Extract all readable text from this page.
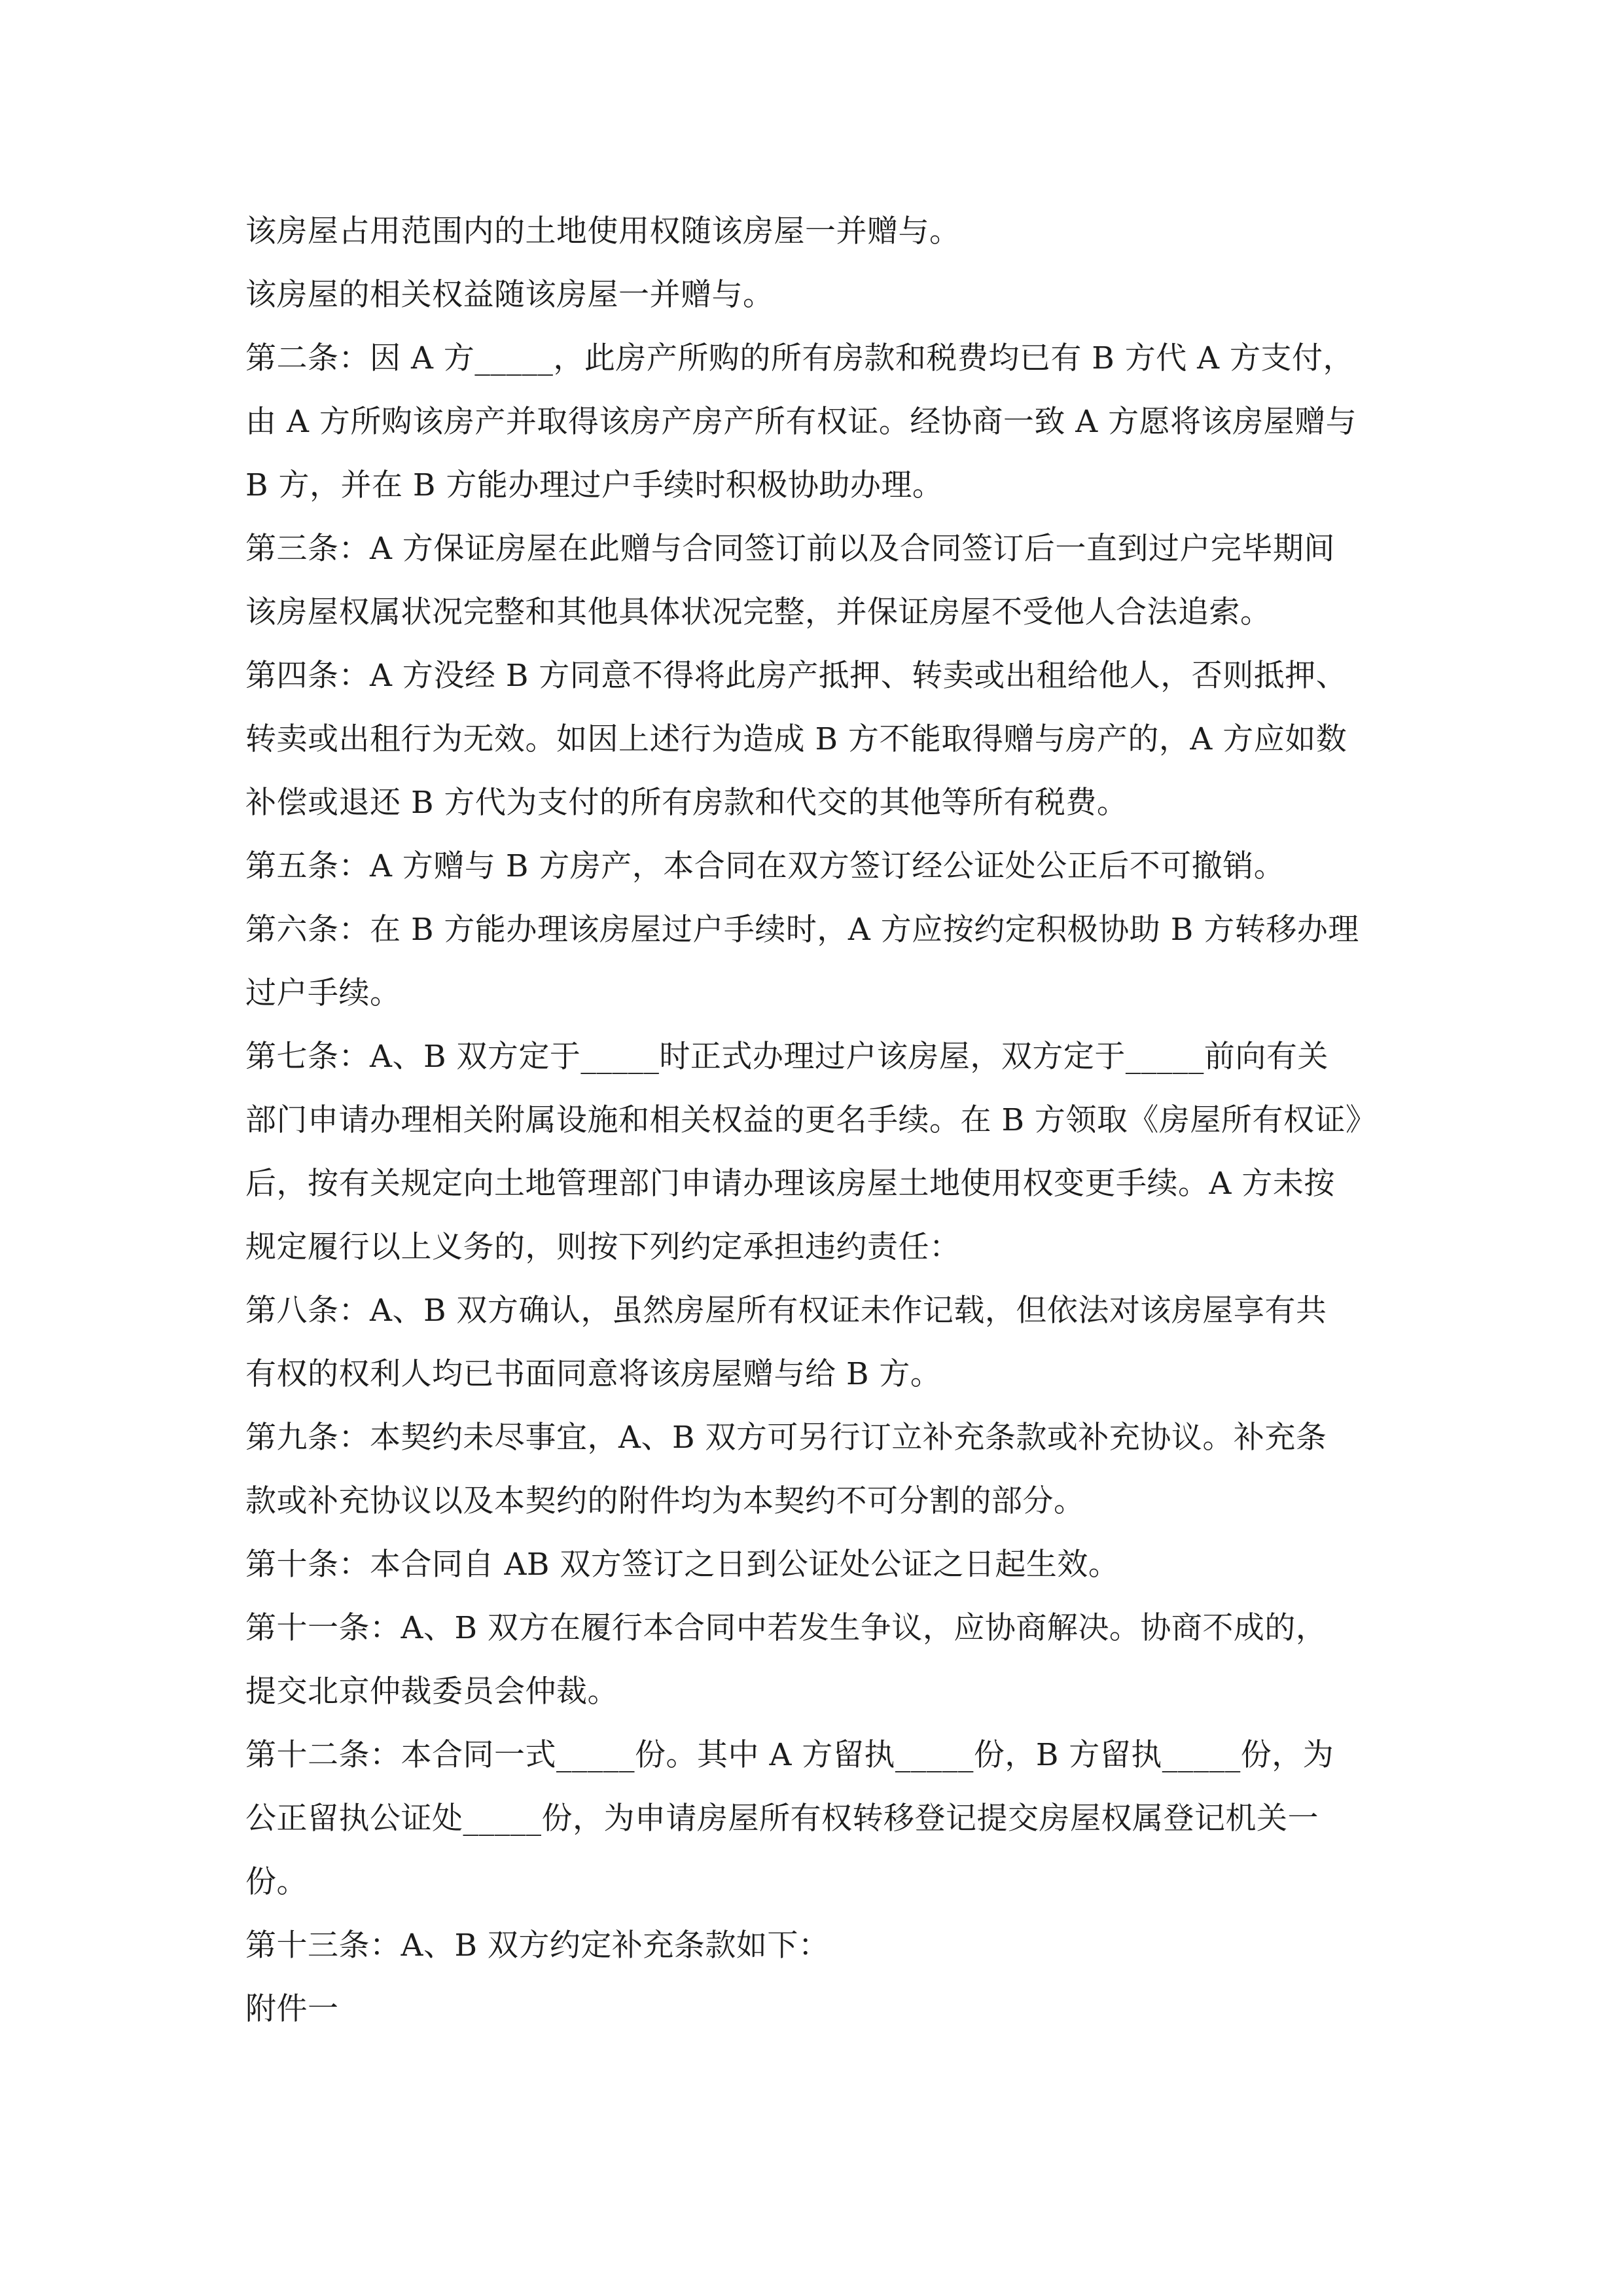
该房屋占用范围内的土地使用权随该房屋一并赠与。
该房屋的相关权益随该房屋一并赠与。
第二条：因 A 方_____，此房产所购的所有房款和税费均已有 B 方代 A 方支付，
由 A 方所购该房产并取得该房产房产所有权证。经协商一致 A 方愿将该房屋赠与
B 方，并在 B 方能办理过户手续时积极协助办理。
第三条：A 方保证房屋在此赠与合同签订前以及合同签订后一直到过户完毕期间
该房屋权属状况完整和其他具体状况完整，并保证房屋不受他人合法追索。
第四条：A 方没经 B 方同意不得将此房产抵押、转卖或出租给他人，否则抵押、
转卖或出租行为无效。如因上述行为造成 B 方不能取得赠与房产的，A 方应如数
补偿或退还 B 方代为支付的所有房款和代交的其他等所有税费。
第五条：A 方赠与 B 方房产，本合同在双方签订经公证处公正后不可撤销。
第六条：在 B 方能办理该房屋过户手续时，A 方应按约定积极协助 B 方转移办理
过户手续。
第七条：A、B 双方定于_____时正式办理过户该房屋，双方定于_____前向有关
部门申请办理相关附属设施和相关权益的更名手续。在 B 方领取《房屋所有权证》
后，按有关规定向土地管理部门申请办理该房屋土地使用权变更手续。A 方未按
规定履行以上义务的，则按下列约定承担违约责任：
第八条：A、B 双方确认，虽然房屋所有权证未作记载，但依法对该房屋享有共
有权的权利人均已书面同意将该房屋赠与给 B 方。
第九条：本契约未尽事宜，A、B 双方可另行订立补充条款或补充协议。补充条
款或补充协议以及本契约的附件均为本契约不可分割的部分。
第十条：本合同自 AB 双方签订之日到公证处公证之日起生效。
第十一条：A、B 双方在履行本合同中若发生争议，应协商解决。协商不成的，
提交北京仲裁委员会仲裁。
第十二条：本合同一式_____份。其中 A 方留执_____份，B 方留执_____份，为
公正留执公证处_____份，为申请房屋所有权转移登记提交房屋权属登记机关一
份。
第十三条：A、B 双方约定补充条款如下：
附件一
